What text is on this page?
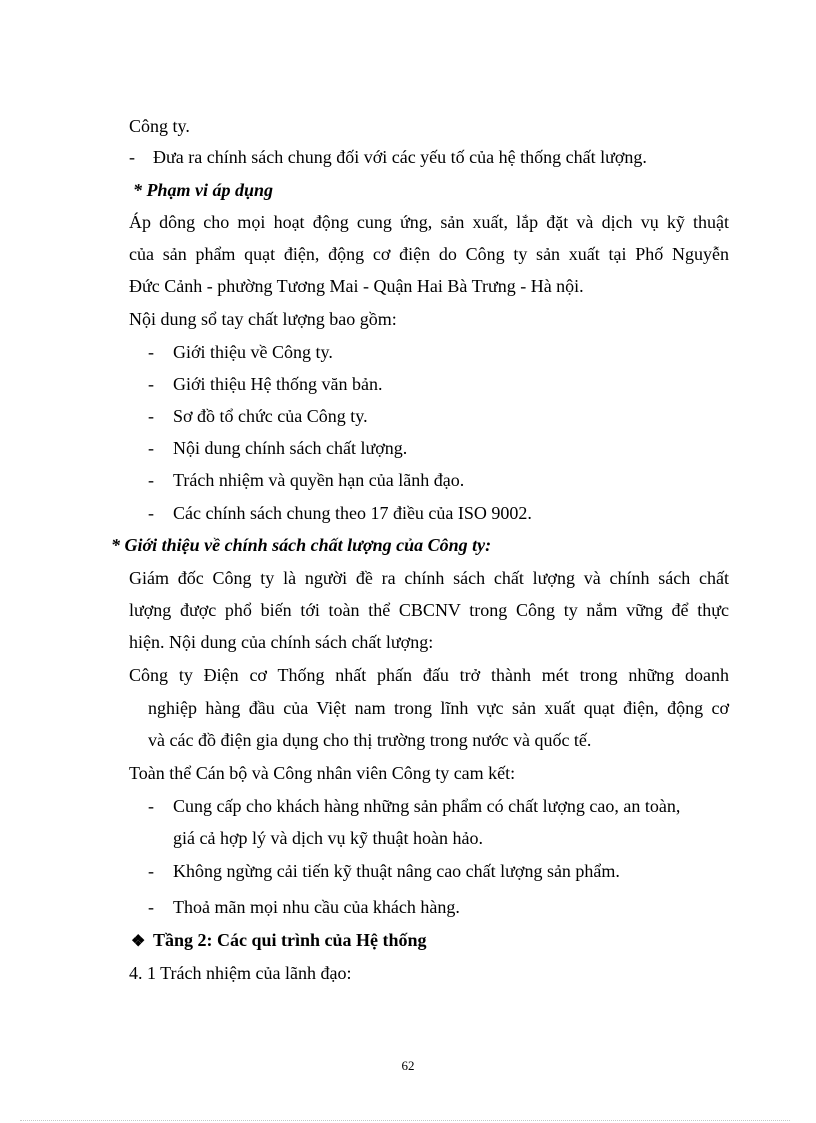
Công ty.
- Đưa ra chính sách chung đối với các yếu tố của hệ thống chất lượng.
* Phạm vi áp dụng
Áp dông cho mọi hoạt động cung ứng, sản xuất, lắp đặt và dịch vụ kỹ thuật
của sản phẩm quạt điện, động cơ điện do Công ty sản xuất tại Phố Nguyễn
Đức Cảnh - phường Tương Mai - Quận Hai Bà Trưng - Hà nội.
Nội dung sổ tay chất lượng bao gồm:
- Giới thiệu về Công ty.
- Giới thiệu Hệ thống văn bản.
- Sơ đồ tổ chức của Công ty.
- Nội dung chính sách chất lượng.
- Trách nhiệm và quyền hạn của lãnh đạo.
- Các chính sách chung theo 17 điều của ISO 9002.
* Giới thiệu về chính sách chất lượng của Công ty:
Giám đốc Công ty là người đề ra chính sách chất lượng và chính sách chất
lượng được phổ biến tới toàn thể CBCNV trong Công ty nắm vững để thực
hiện. Nội dung của chính sách chất lượng:
Công ty Điện cơ Thống nhất phấn đấu trở thành mét trong những doanh
nghiệp hàng đầu của Việt nam trong lĩnh vực sản xuất quạt điện, động cơ
và các đồ điện gia dụng cho thị trường trong nước và quốc tế.
Toàn thể Cán bộ và Công nhân viên Công ty cam kết:
- Cung cấp cho khách hàng những sản phẩm có chất lượng cao, an toàn,
giá cả hợp lý và dịch vụ kỹ thuật hoàn hảo.
- Không ngừng cải tiến kỹ thuật nâng cao chất lượng sản phẩm.
- Thoả mãn mọi nhu cầu của khách hàng.
❖ Tầng 2: Các qui trình của Hệ thống
4. 1 Trách nhiệm của lãnh đạo:
62
